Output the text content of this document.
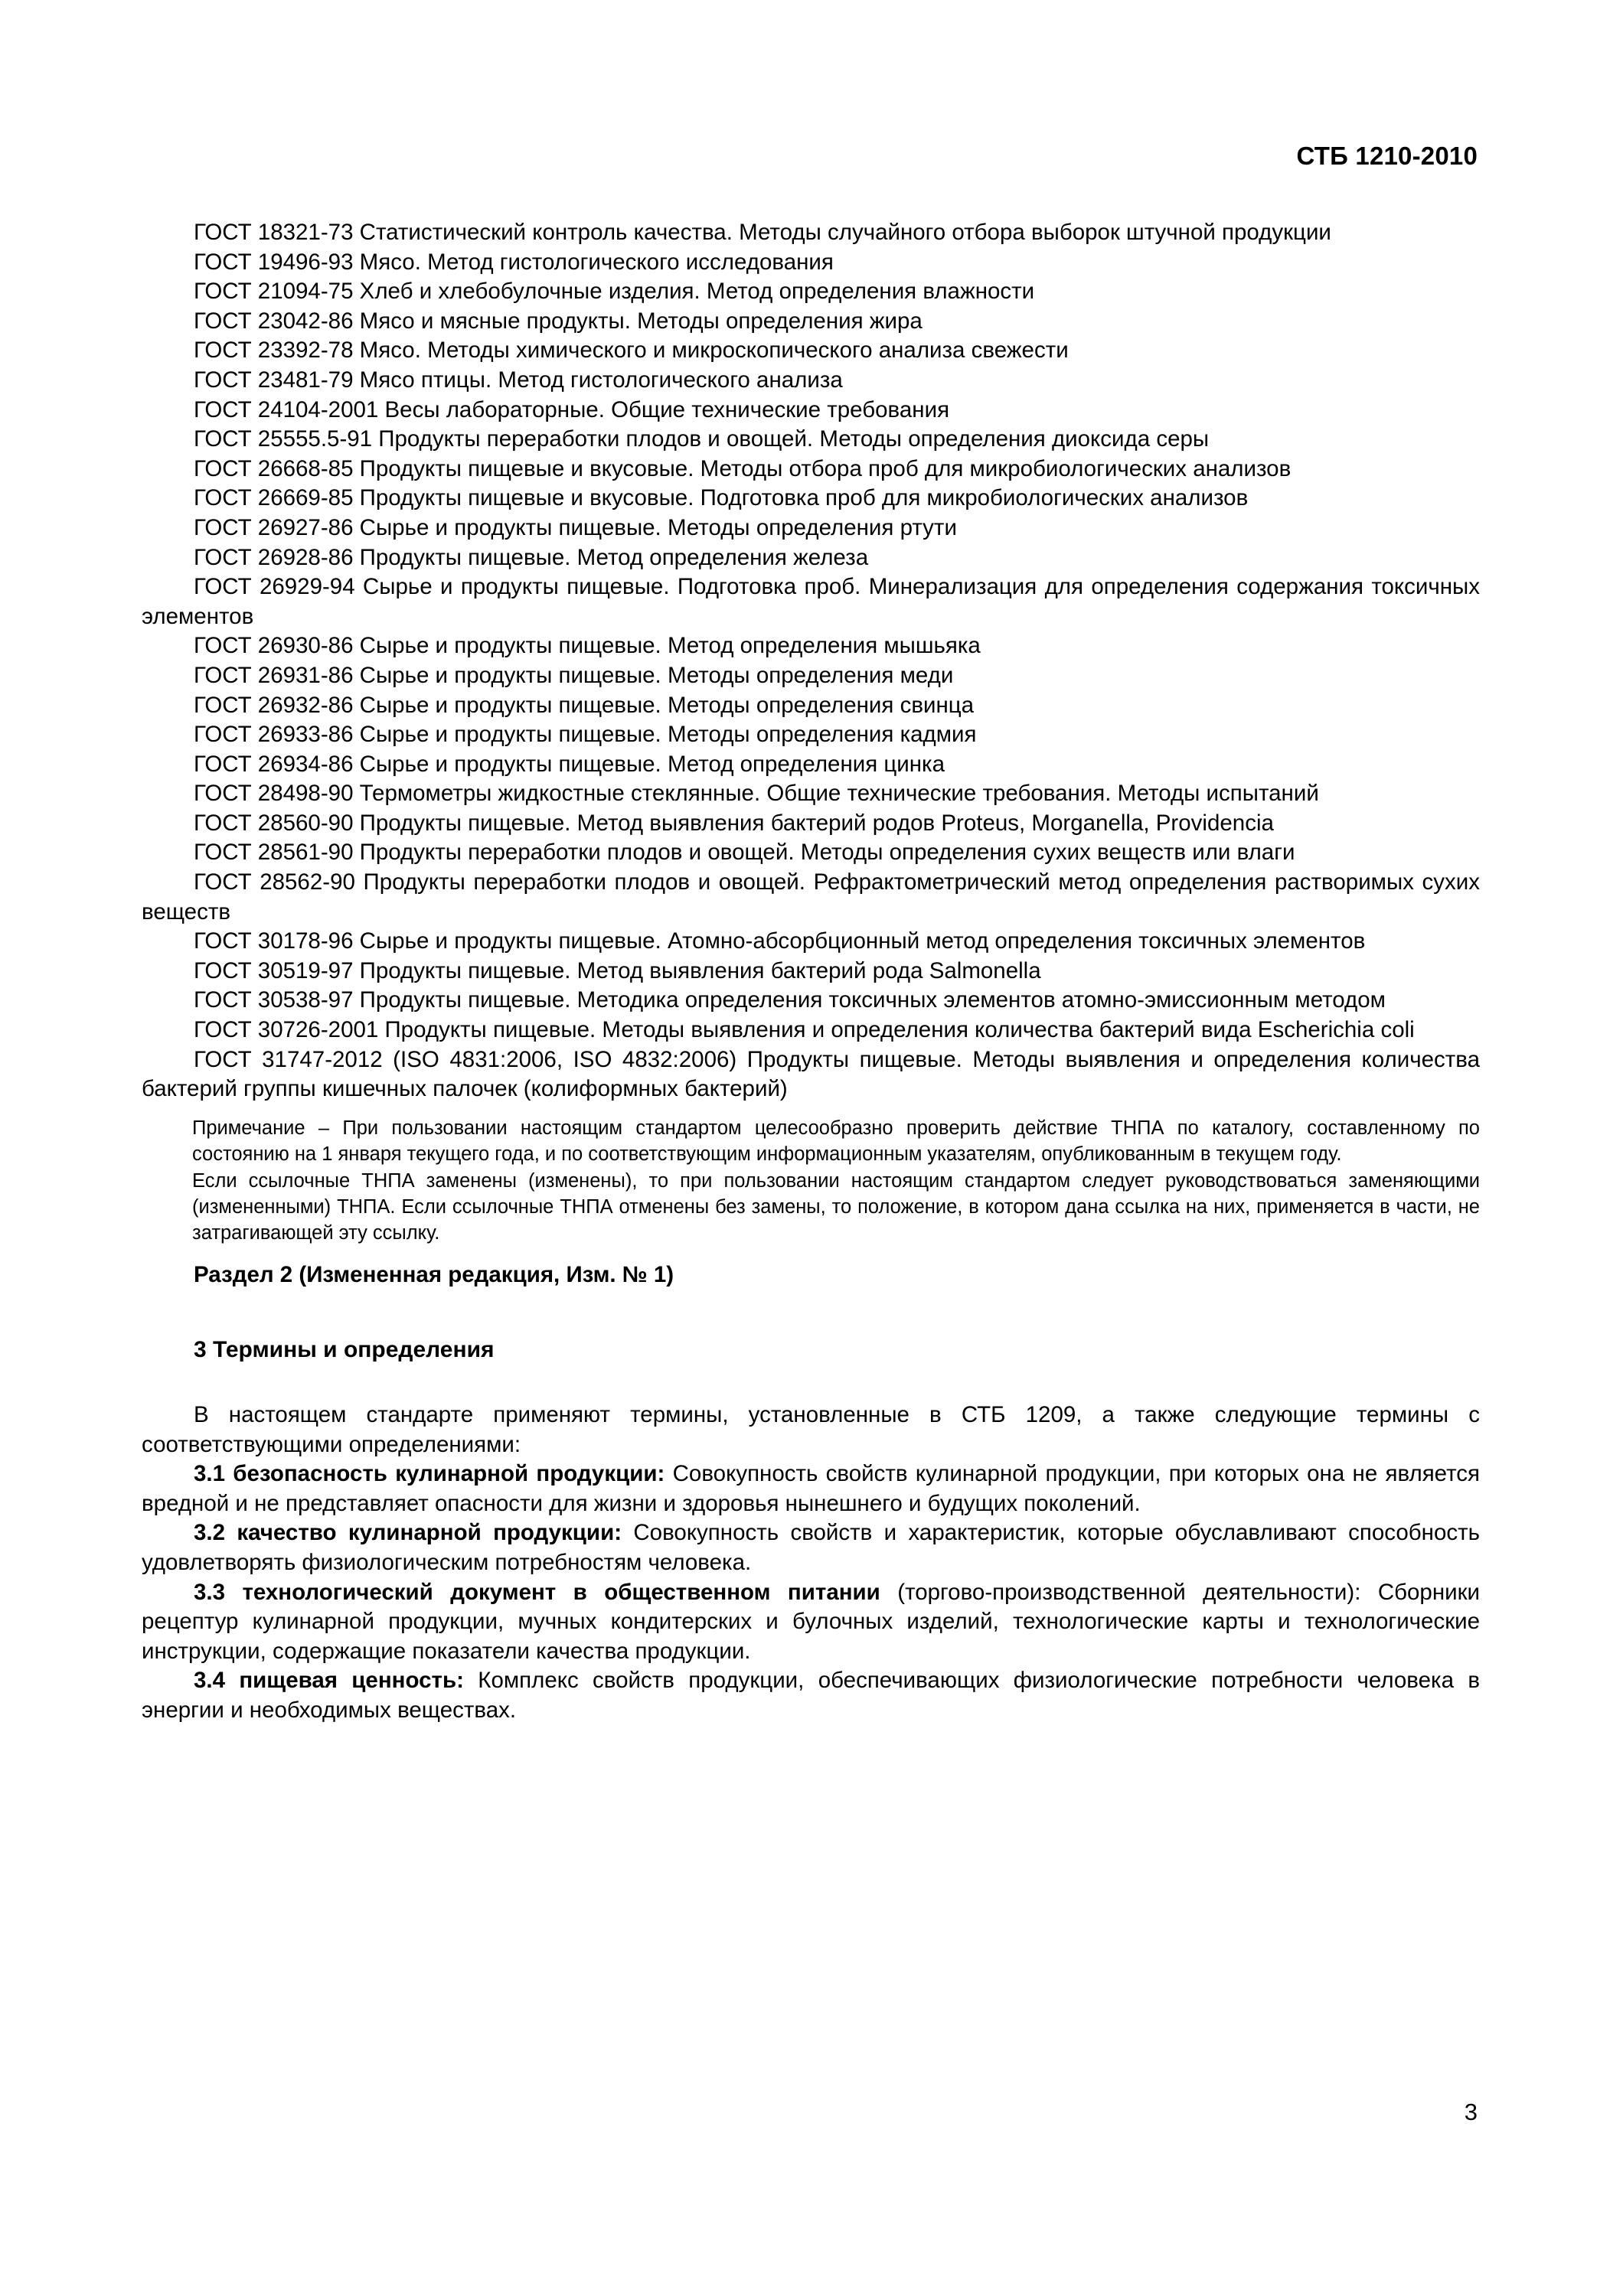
СТБ 1210-2010

ГОСТ 18321-73 Статистический контроль качества. Методы случайного отбора выборок штучной продукции

ГОСТ 19496-93 Мясо. Метод гистологического исследования

ГОСТ 21094-75 Хлеб и хлебобулочные изделия. Метод определения влажности

ГОСТ 23042-86 Мясо и мясные продукты. Методы определения жира

ГОСТ 23392-78 Мясо. Методы химического и микроскопического анализа свежести

ГОСТ 23481-79 Мясо птицы. Метод гистологического анализа

ГОСТ 24104-2001 Весы лабораторные. Общие технические требования

ГОСТ 25555.5-91 Продукты переработки плодов и овощей. Методы определения диоксида серы

ГОСТ 26668-85 Продукты пищевые и вкусовые. Методы отбора проб для микробиологических анализов

ГОСТ 26669-85 Продукты пищевые и вкусовые. Подготовка проб для микробиологических анализов

ГОСТ 26927-86 Сырье и продукты пищевые. Методы определения ртути

ГОСТ 26928-86 Продукты пищевые. Метод определения железа

ГОСТ 26929-94 Сырье и продукты пищевые. Подготовка проб. Минерализация для определения содержания токсичных элементов

ГОСТ 26930-86 Сырье и продукты пищевые. Метод определения мышьяка

ГОСТ 26931-86 Сырье и продукты пищевые. Методы определения меди

ГОСТ 26932-86 Сырье и продукты пищевые. Методы определения свинца

ГОСТ 26933-86 Сырье и продукты пищевые. Методы определения кадмия

ГОСТ 26934-86 Сырье и продукты пищевые. Метод определения цинка

ГОСТ 28498-90 Термометры жидкостные стеклянные. Общие технические требования. Методы испытаний

ГОСТ 28560-90 Продукты пищевые. Метод выявления бактерий родов Proteus, Morganella, Providencia

ГОСТ 28561-90 Продукты переработки плодов и овощей. Методы определения сухих веществ или влаги

ГОСТ 28562-90 Продукты переработки плодов и овощей. Рефрактометрический метод определения растворимых сухих веществ

ГОСТ 30178-96 Сырье и продукты пищевые. Атомно-абсорбционный метод определения токсичных элементов

ГОСТ 30519-97 Продукты пищевые. Метод выявления бактерий рода Salmonella

ГОСТ 30538-97 Продукты пищевые. Методика определения токсичных элементов атомно-эмиссионным методом

ГОСТ 30726-2001 Продукты пищевые. Методы выявления и определения количества бактерий вида Escherichia coli

ГОСТ 31747-2012 (ISO 4831:2006, ISO 4832:2006) Продукты пищевые. Методы выявления и определения количества бактерий группы кишечных палочек (колиформных бактерий)

Примечание – При пользовании настоящим стандартом целесообразно проверить действие ТНПА по каталогу, составленному по состоянию на 1 января текущего года, и по соответствующим информационным указателям, опубликованным в текущем году.

Если ссылочные ТНПА заменены (изменены), то при пользовании настоящим стандартом следует руководствоваться заменяющими (измененными) ТНПА. Если ссылочные ТНПА отменены без замены, то положение, в котором дана ссылка на них, применяется в части, не затрагивающей эту ссылку.

Раздел 2 (Измененная редакция, Изм. № 1)

3 Термины и определения

В настоящем стандарте применяют термины, установленные в СТБ 1209, а также следующие термины с соответствующими определениями:

3.1 безопасность кулинарной продукции: Совокупность свойств кулинарной продукции, при которых она не является вредной и не представляет опасности для жизни и здоровья нынешнего и будущих поколений.

3.2 качество кулинарной продукции: Совокупность свойств и характеристик, которые обуславливают способность удовлетворять физиологическим потребностям человека.

3.3 технологический документ в общественном питании (торгово-производственной деятельности): Сборники рецептур кулинарной продукции, мучных кондитерских и булочных изделий, технологические карты и технологические инструкции, содержащие показатели качества продукции.

3.4 пищевая ценность: Комплекс свойств продукции, обеспечивающих физиологические потребности человека в энергии и необходимых веществах.

3
